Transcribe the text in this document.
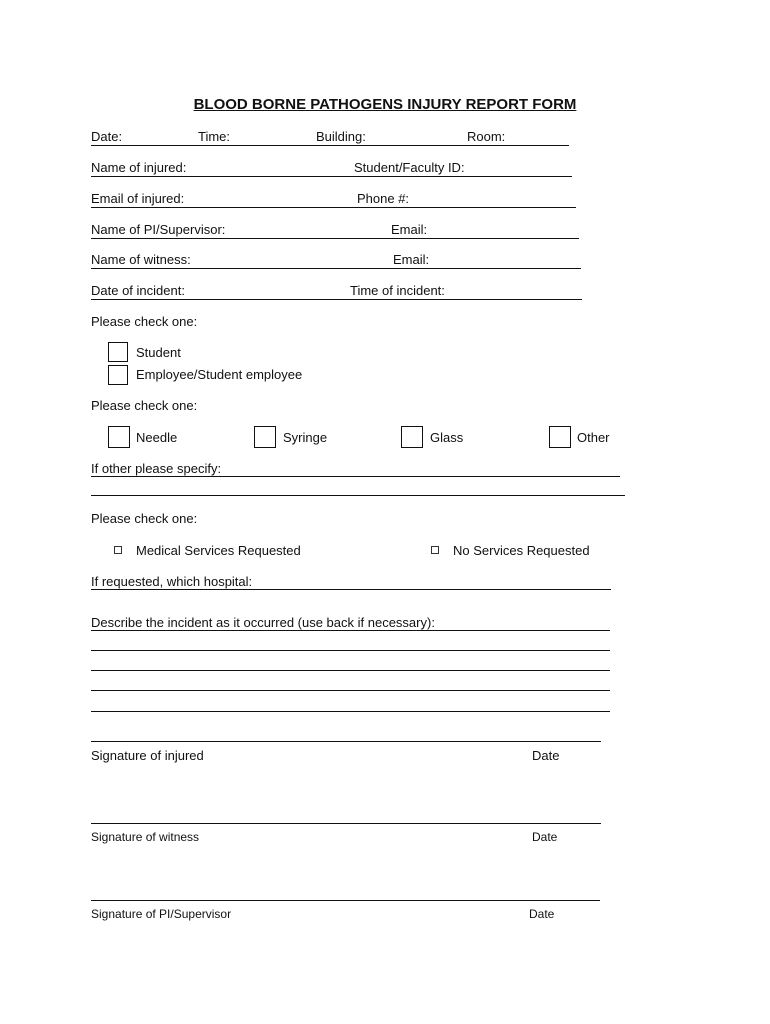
BLOOD BORNE PATHOGENS INJURY REPORT FORM
Date:	Time:	Building:	Room:
Name of injured:	Student/Faculty ID:
Email of injured:	Phone #:
Name of PI/Supervisor:	Email:
Name of witness:	Email:
Date of incident:	Time of incident:
Please check one:
Student
Employee/Student employee
Please check one:
Needle	Syringe	Glass	Other
If other please specify:
Please check one:
Medical Services Requested	No Services Requested
If requested, which hospital:
Describe the incident as it occurred (use back if necessary):
Signature of injured	Date
Signature of witness	Date
Signature of PI/Supervisor	Date
